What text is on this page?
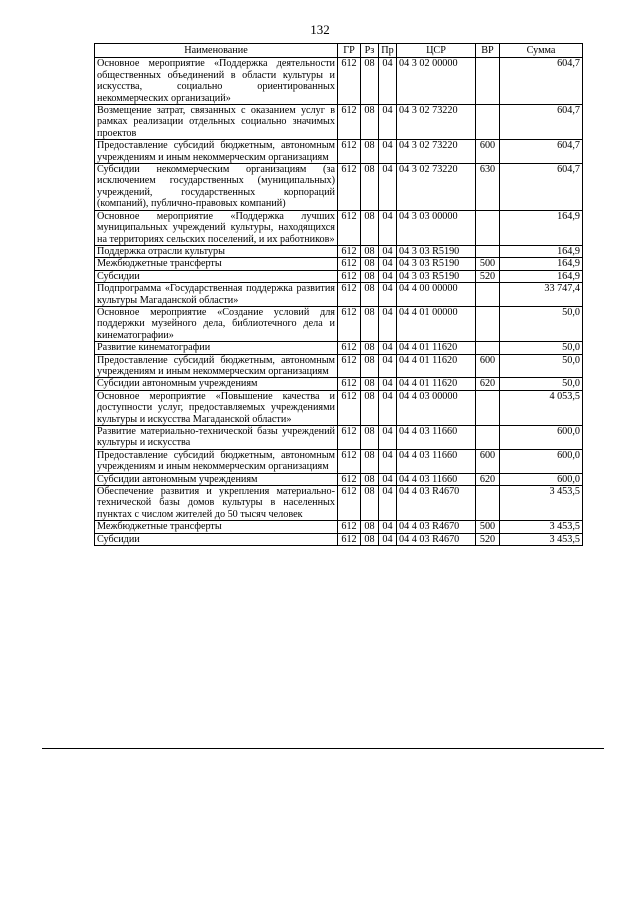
132
Наименование	ГР	Рз	Пр	ЦСР	ВР	Сумма
Основное мероприятие «Поддержка деятельности общественных объединений в области культуры и искусства, социально ориентированных некоммерческих организаций»	612	08	04	04 3 02 00000		604,7
Возмещение затрат, связанных с оказанием услуг в рамках реализации отдельных социально значимых проектов	612	08	04	04 3 02 73220		604,7
Предоставление субсидий бюджетным, автономным учреждениям и иным некоммерческим организациям	612	08	04	04 3 02 73220	600	604,7
Субсидии некоммерческим организациям (за исключением государственных (муниципальных) учреждений, государственных корпораций (компаний), публично-правовых компаний)	612	08	04	04 3 02 73220	630	604,7
Основное мероприятие «Поддержка лучших муниципальных учреждений культуры, находящихся на территориях сельских поселений, и их работников»	612	08	04	04 3 03 00000		164,9
Поддержка отрасли культуры	612	08	04	04 3 03 R5190		164,9
Межбюджетные трансферты	612	08	04	04 3 03 R5190	500	164,9
Субсидии	612	08	04	04 3 03 R5190	520	164,9
Подпрограмма «Государственная поддержка развития культуры Магаданской области»	612	08	04	04 4 00 00000		33 747,4
Основное мероприятие «Создание условий для поддержки музейного дела, библиотечного дела и кинематографии»	612	08	04	04 4 01 00000		50,0
Развитие кинематографии	612	08	04	04 4 01 11620		50,0
Предоставление субсидий бюджетным, автономным учреждениям и иным некоммерческим организациям	612	08	04	04 4 01 11620	600	50,0
Субсидии автономным учреждениям	612	08	04	04 4 01 11620	620	50,0
Основное мероприятие «Повышение качества и доступности услуг, предоставляемых учреждениями культуры и искусства Магаданской области»	612	08	04	04 4 03 00000		4 053,5
Развитие материально-технической базы учреждений культуры и искусства	612	08	04	04 4 03 11660		600,0
Предоставление субсидий бюджетным, автономным учреждениям и иным некоммерческим организациям	612	08	04	04 4 03 11660	600	600,0
Субсидии автономным учреждениям	612	08	04	04 4 03 11660	620	600,0
Обеспечение развития и укрепления материально-технической базы домов культуры в населенных пунктах с числом жителей до 50 тысяч человек	612	08	04	04 4 03 R4670		3 453,5
Межбюджетные трансферты	612	08	04	04 4 03 R4670	500	3 453,5
Субсидии	612	08	04	04 4 03 R4670	520	3 453,5
